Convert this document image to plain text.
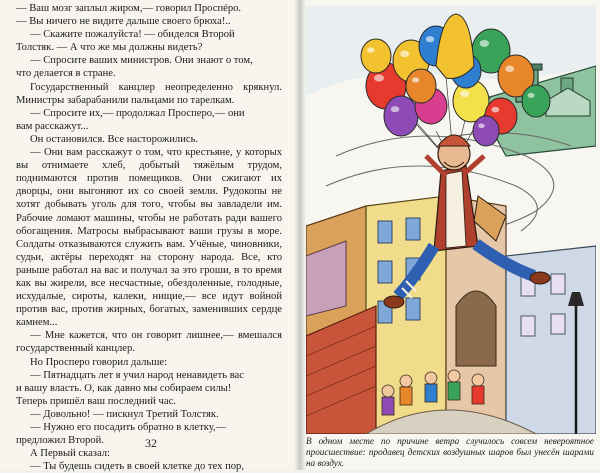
— Ваш мозг заплыл жиром,— говорил Проспéро.

— Вы ничего не видите дальше своего брюха!..

— Скажите пожалуйста! — обиделся Второй

Толстяк. — А что же мы должны видеть?

— Спросите ваших министров. Они знают о том,

что делается в стране.

Государственный канцлер неопределенно крякнул. Министры забарабанили пальцами по тарелкам.

— Спросите их,— продолжал Просперо,— они

вам расскажут...

Он остановился. Все насторожились.

— Они вам расскажут о том, что крестьяне, у которых вы отнимаете хлеб, добытый тяжёлым трудом, поднимаются против помещиков. Они сжигают их дворцы, они выгоняют их со своей земли. Рудокопы не хотят добывать уголь для того, чтобы вы завладели им. Рабочие ломают машины, чтобы не работать ради вашего обогащения. Матросы выбрасывают ваши грузы в море. Солдаты отказываются служить вам. Учёные, чиновники, судьи, актёры переходят на сторону народа. Все, кто раньше работал на вас и получал за это гроши, в то время как вы жирели, все несчастные, обездоленные, голодные, исхудалые, сироты, калеки, нищие,— все идут войной против вас, против жирных, богатых, заменивших сердце камнем...

— Мне кажется, что он говорит лишнее,— вмешался государственный канцлер.

Но Просперо говорил дальше:

— Пятнадцать лет я учил народ ненавидеть вас

и вашу власть. О, как давно мы собираем силы!

Теперь пришёл ваш последний час.

— Довольно! — пискнул Третий Толстяк.

— Нужно его посадить обратно в клетку,—

предложил Второй.

А Первый сказал:

— Ты будешь сидеть в своей клетке до тех пор,

32	В одном месте по причине ветра случилось совсем невероятное происшествие: продавец детских воздушных шаров был унесён шарами на воздух.
